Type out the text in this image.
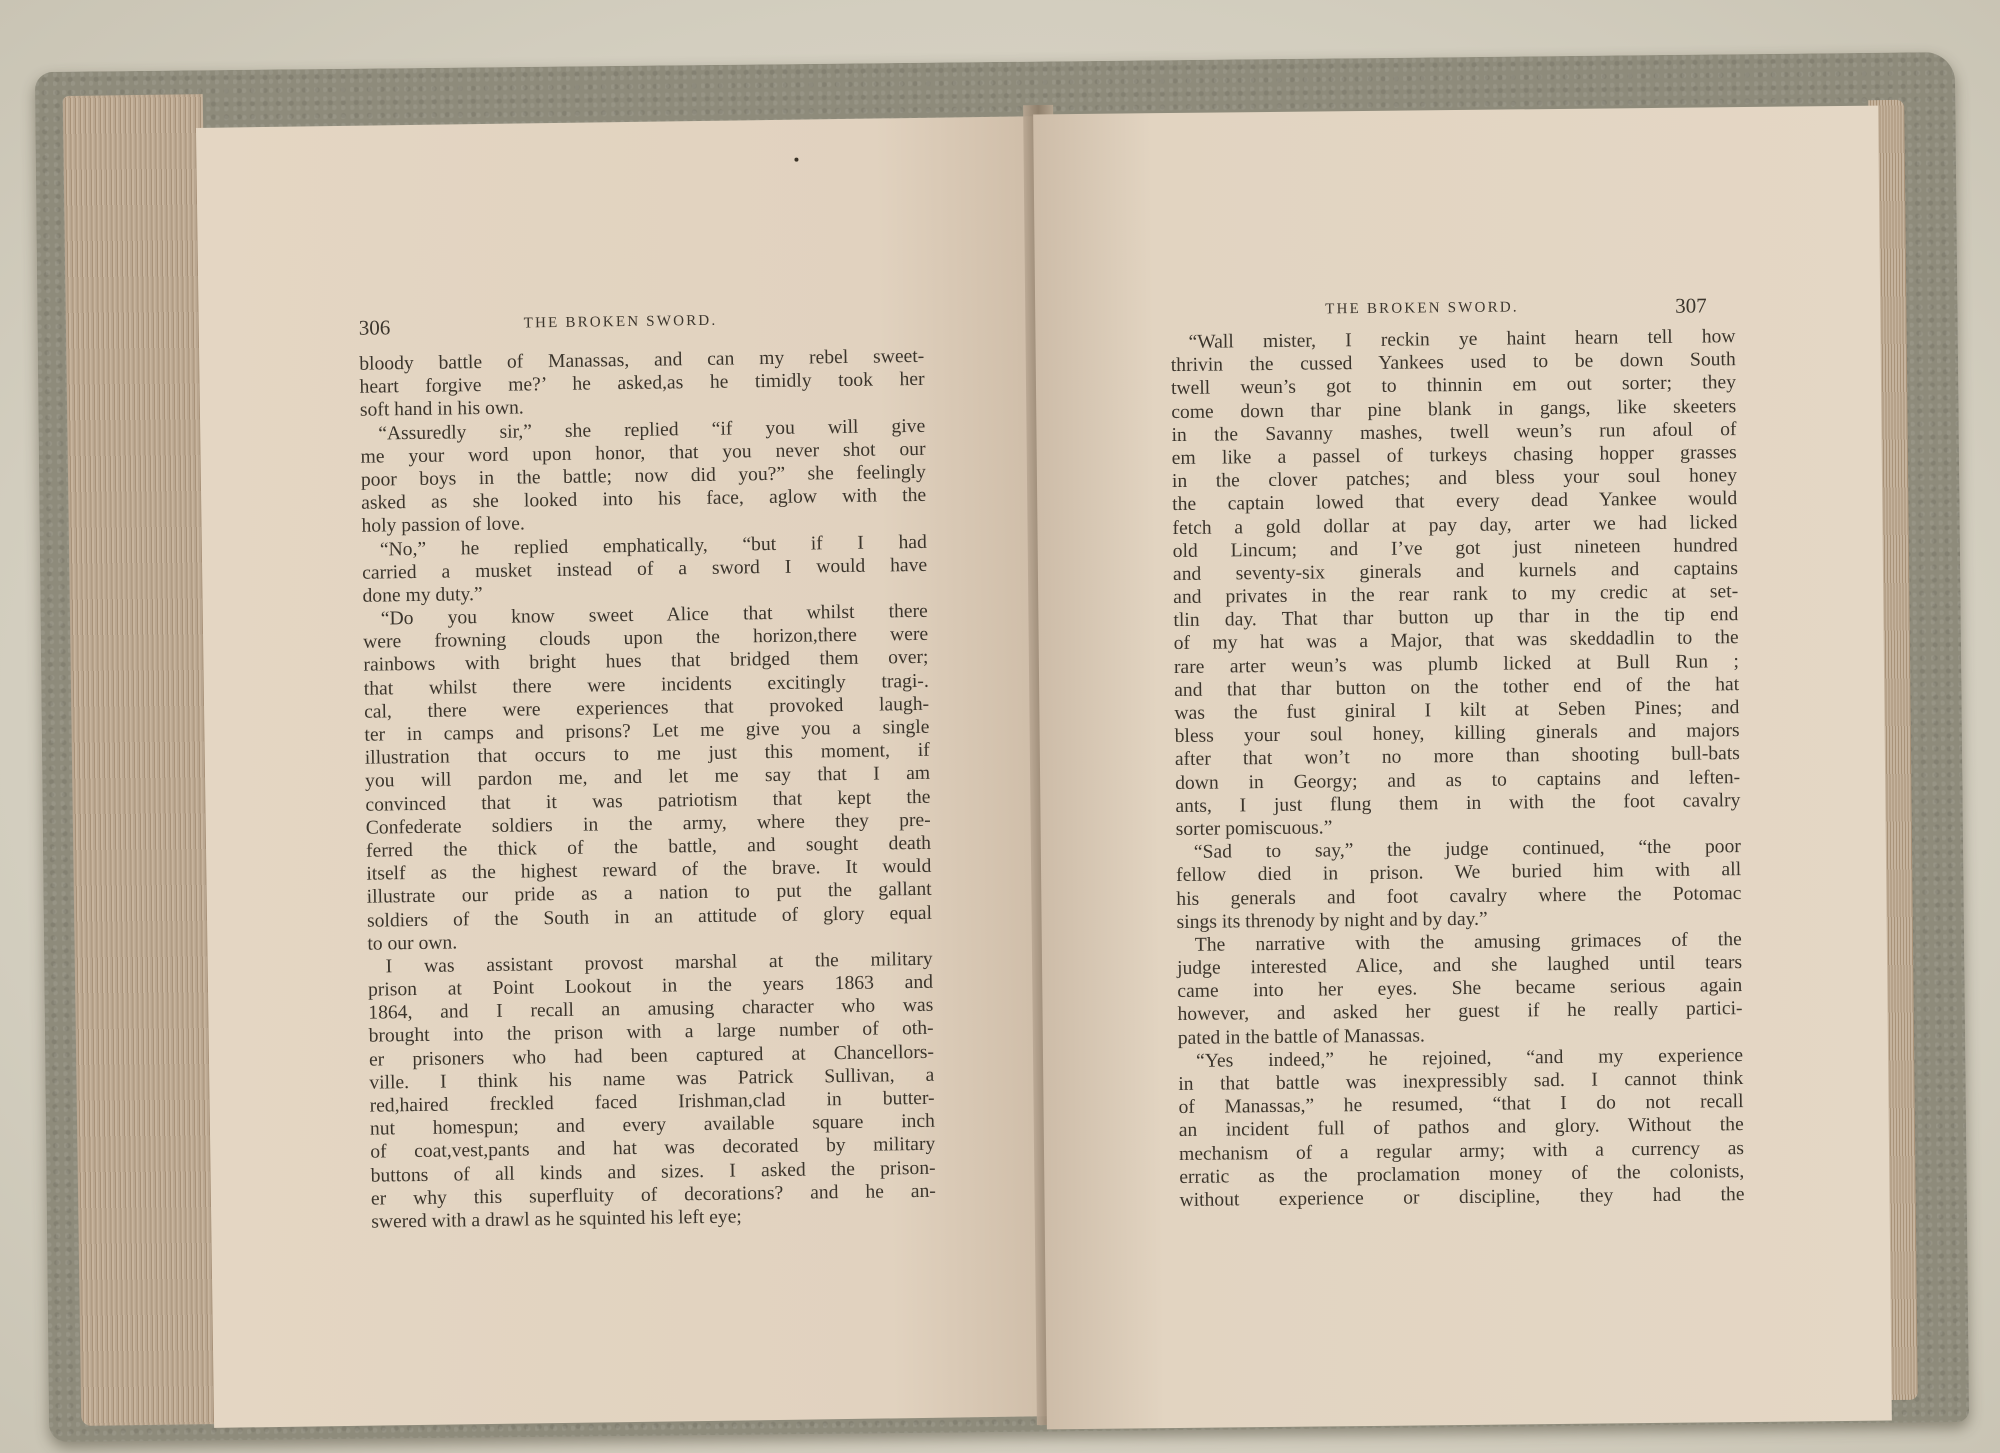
306	THE BROKEN SWORD.
bloody battle of Manassas, and can my rebel sweet-
heart forgive me?’ he asked,as he timidly took her
soft hand in his own.
“Assuredly sir,” she replied “if you will give
me your word upon honor, that you never shot our
poor boys in the battle; now did you?” she feelingly
asked as she looked into his face, aglow with the
holy passion of love.
“No,” he replied emphatically, “but if I had
carried a musket instead of a sword I would have
done my duty.”
“Do you know sweet Alice that whilst there
were frowning clouds upon the horizon,there were
rainbows with bright hues that bridged them over;
that whilst there were incidents excitingly tragi-.
cal, there were experiences that provoked laugh-
ter in camps and prisons? Let me give you a single
illustration that occurs to me just this moment, if
you will pardon me, and let me say that I am
convinced that it was patriotism that kept the
Confederate soldiers in the army, where they pre-
ferred the thick of the battle, and sought death
itself as the highest reward of the brave. It would
illustrate our pride as a nation to put the gallant
soldiers of the South in an attitude of glory equal
to our own.
I was assistant provost marshal at the military
prison at Point Lookout in the years 1863 and
1864, and I recall an amusing character who was
brought into the prison with a large number of oth-
er prisoners who had been captured at Chancellors-
ville. I think his name was Patrick Sullivan, a
red,haired freckled faced Irishman,clad in butter-
nut homespun; and every available square inch
of coat,vest,pants and hat was decorated by military
buttons of all kinds and sizes. I asked the prison-
er why this superfluity of decorations? and he an-
swered with a drawl as he squinted his left eye;
THE BROKEN SWORD.	307
“Wall mister, I reckin ye haint hearn tell how
thrivin the cussed Yankees used to be down South
twell weun’s got to thinnin em out sorter; they
come down thar pine blank in gangs, like skeeters
in the Savanny mashes, twell weun’s run afoul of
em like a passel of turkeys chasing hopper grasses
in the clover patches; and bless your soul honey
the captain lowed that every dead Yankee would
fetch a gold dollar at pay day, arter we had licked
old Lincum; and I’ve got just nineteen hundred
and seventy-six ginerals and kurnels and captains
and privates in the rear rank to my credic at set-
tlin day. That thar button up thar in the tip end
of my hat was a Major, that was skeddadlin to the
rare arter weun’s was plumb licked at Bull Run ;
and that thar button on the tother end of the hat
was the fust giniral I kilt at Seben Pines; and
bless your soul honey, killing ginerals and majors
after that won’t no more than shooting bull-bats
down in Georgy; and as to captains and leften-
ants, I just flung them in with the foot cavalry
sorter pomiscuous.”
“Sad to say,” the judge continued, “the poor
fellow died in prison. We buried him with all
his generals and foot cavalry where the Potomac
sings its threnody by night and by day.”
The narrative with the amusing grimaces of the
judge interested Alice, and she laughed until tears
came into her eyes. She became serious again
however, and asked her guest if he really partici-
pated in the battle of Manassas.
“Yes indeed,” he rejoined, “and my experience
in that battle was inexpressibly sad. I cannot think
of Manassas,” he resumed, “that I do not recall
an incident full of pathos and glory. Without the
mechanism of a regular army; with a currency as
erratic as the proclamation money of the colonists,
without experience or discipline, they had the
